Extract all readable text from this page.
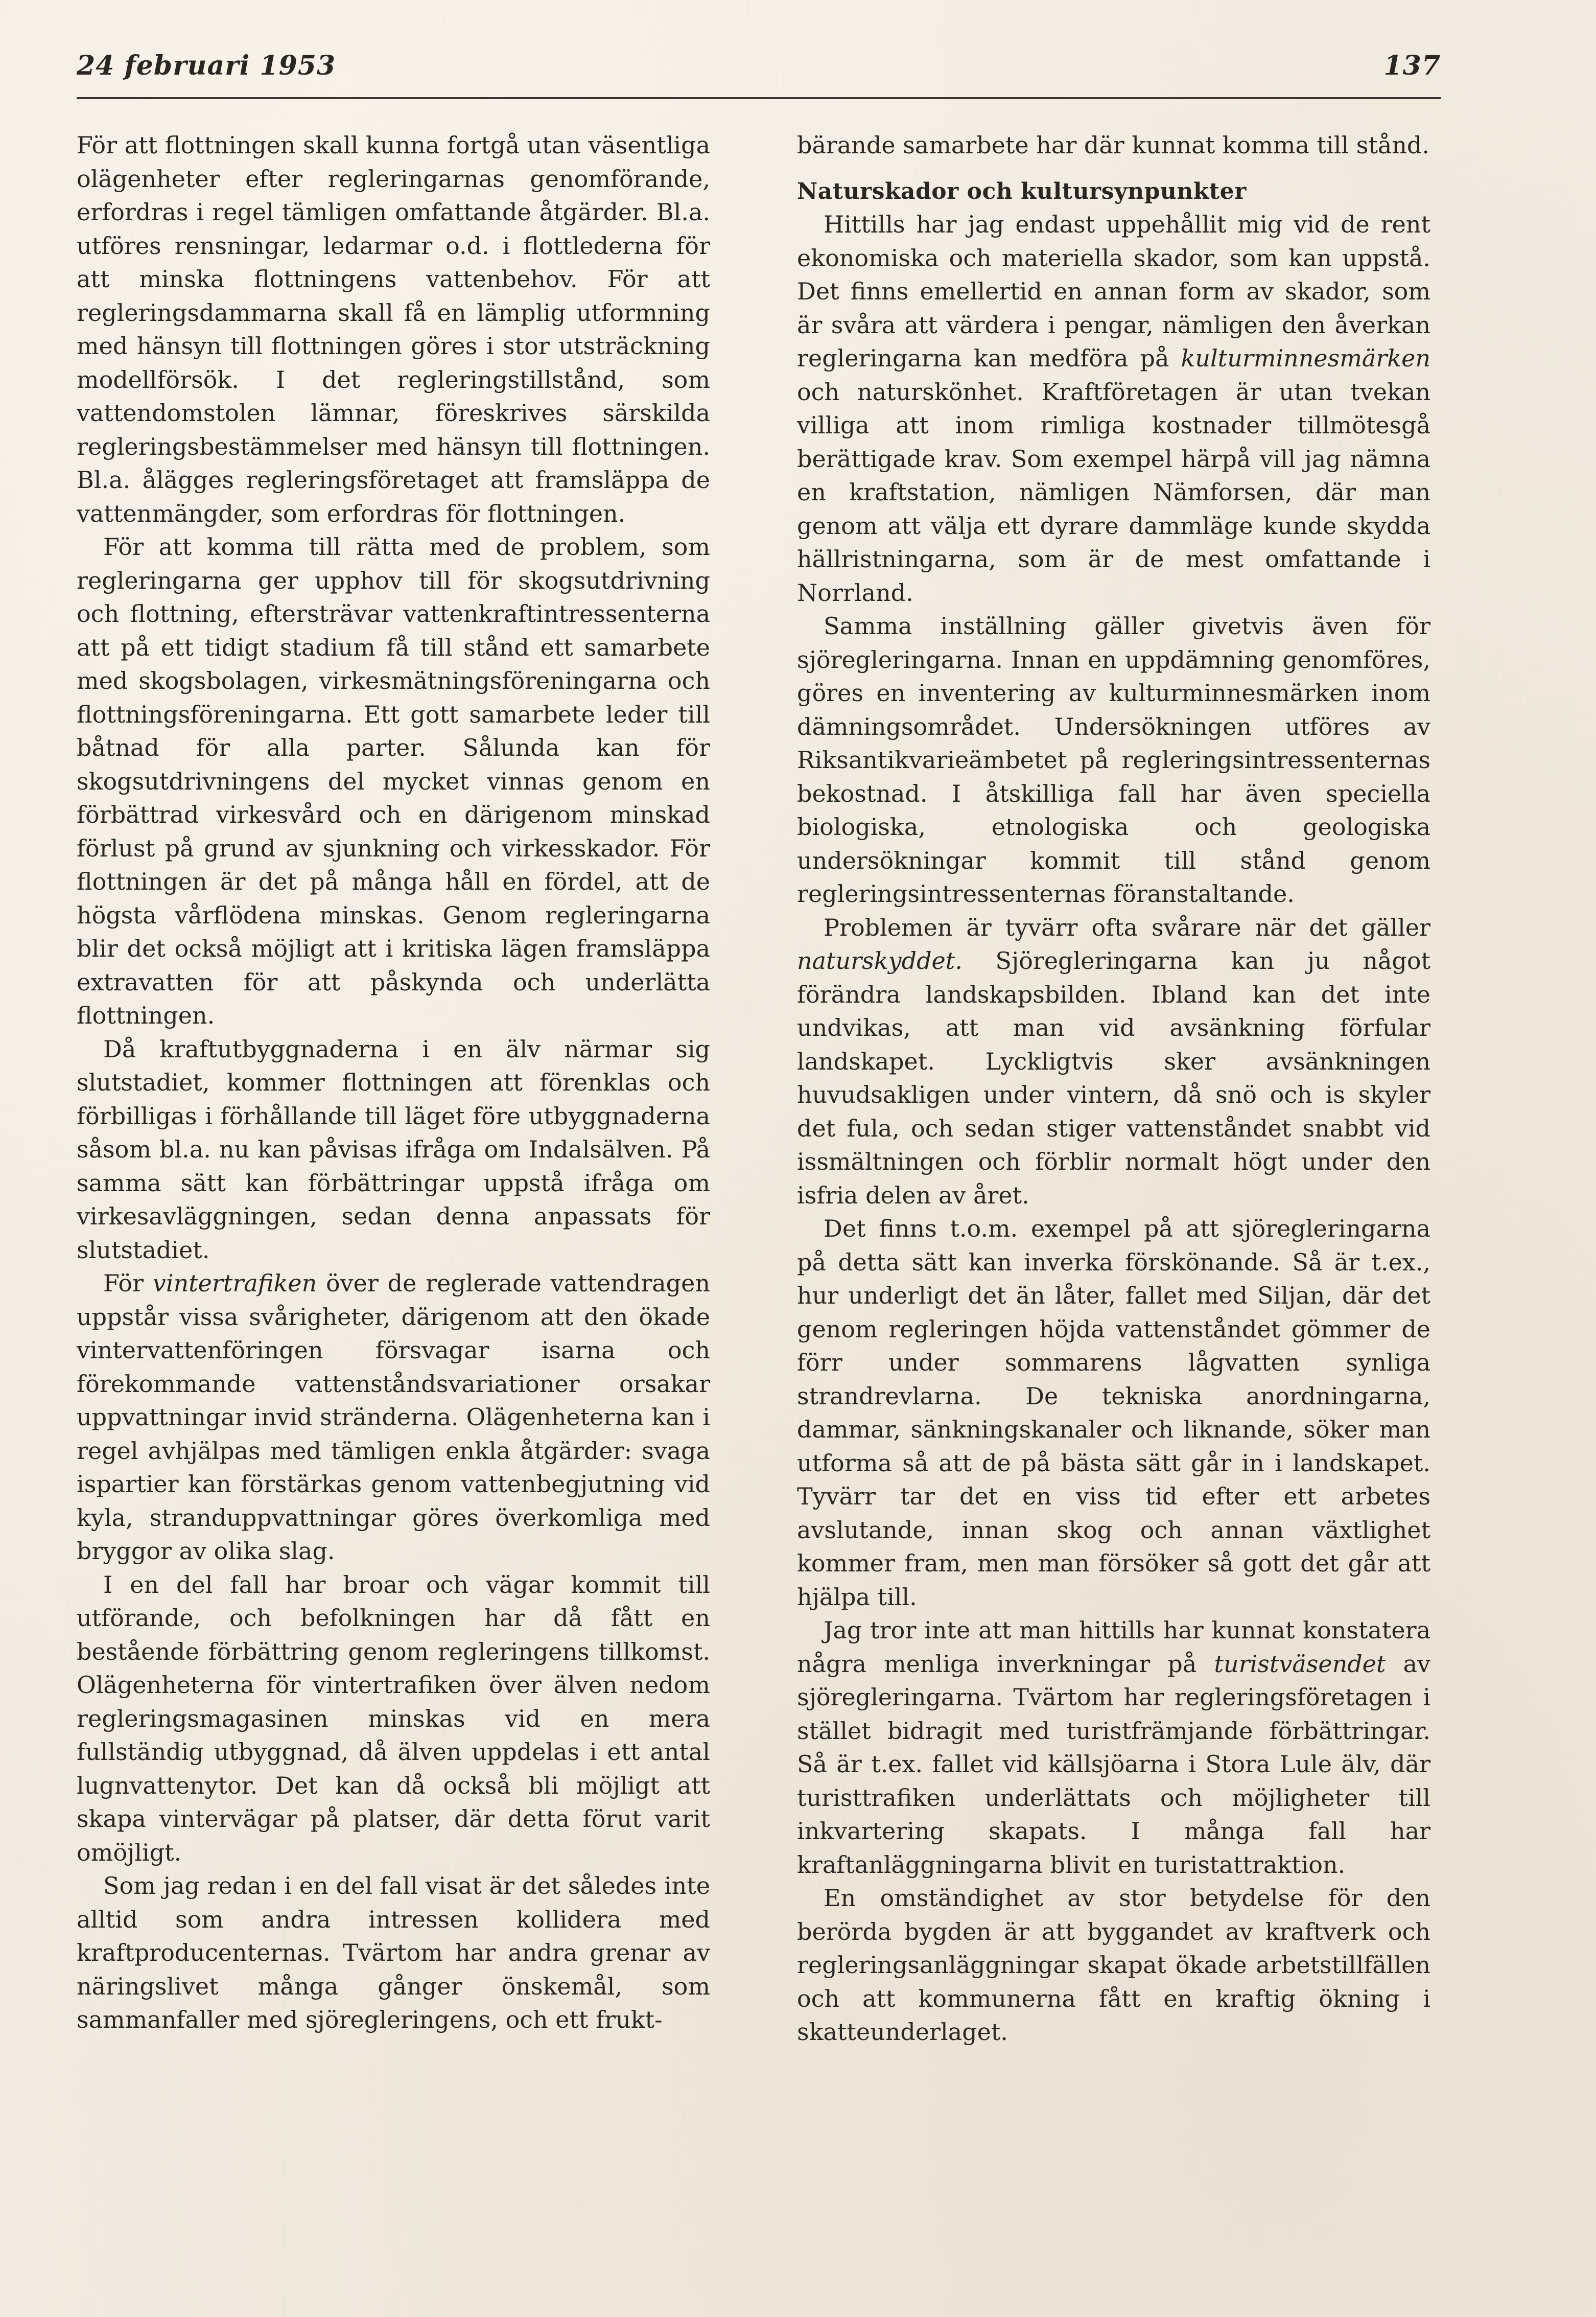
24 februari 1953	137

För att flottningen skall kunna fortgå utan väsentliga olägenheter efter regleringarnas genomförande, erfordras i regel tämligen omfattande åtgärder. Bl.a. utföres rensningar, ledarmar o.d. i flottlederna för att minska flottningens vattenbehov. För att regleringsdammarna skall få en lämplig utformning med hänsyn till flottningen göres i stor utsträckning modellförsök. I det regleringstillstånd, som vattendomstolen lämnar, föreskrives särskilda regleringsbestämmelser med hänsyn till flottningen. Bl.a. ålägges regleringsföretaget att framsläppa de vattenmängder, som erfordras för flottningen.

För att komma till rätta med de problem, som regleringarna ger upphov till för skogsutdrivning och flottning, eftersträvar vattenkraftintressenterna att på ett tidigt stadium få till stånd ett samarbete med skogsbolagen, virkesmätningsföreningarna och flottningsföreningarna. Ett gott samarbete leder till båtnad för alla parter. Sålunda kan för skogsutdrivningens del mycket vinnas genom en förbättrad virkesvård och en därigenom minskad förlust på grund av sjunkning och virkesskador. För flottningen är det på många håll en fördel, att de högsta vårflödena minskas. Genom regleringarna blir det också möjligt att i kritiska lägen framsläppa extravatten för att påskynda och underlätta flottningen.

Då kraftutbyggnaderna i en älv närmar sig slutstadiet, kommer flottningen att förenklas och förbilligas i förhållande till läget före utbyggnaderna såsom bl.a. nu kan påvisas ifråga om Indalsälven. På samma sätt kan förbättringar uppstå ifråga om virkesavläggningen, sedan denna anpassats för slutstadiet.

För vintertrafiken över de reglerade vattendragen uppstår vissa svårigheter, därigenom att den ökade vintervattenföringen försvagar isarna och förekommande vattenståndsvariationer orsakar uppvattningar invid stränderna. Olägenheterna kan i regel avhjälpas med tämligen enkla åtgärder: svaga ispartier kan förstärkas genom vattenbegjutning vid kyla, stranduppvattningar göres överkomliga med bryggor av olika slag.

I en del fall har broar och vägar kommit till utförande, och befolkningen har då fått en bestående förbättring genom regleringens tillkomst. Olägenheterna för vintertrafiken över älven nedom regleringsmagasinen minskas vid en mera fullständig utbyggnad, då älven uppdelas i ett antal lugnvattenytor. Det kan då också bli möjligt att skapa vintervägar på platser, där detta förut varit omöjligt.

Som jag redan i en del fall visat är det således inte alltid som andra intressen kollidera med kraftproducenternas. Tvärtom har andra grenar av näringslivet många gånger önskemål, som sammanfaller med sjöregleringens, och ett frukt-

bärande samarbete har där kunnat komma till stånd.

Naturskador och kultursynpunkter

Hittills har jag endast uppehållit mig vid de rent ekonomiska och materiella skador, som kan uppstå. Det finns emellertid en annan form av skador, som är svåra att värdera i pengar, nämligen den åverkan regleringarna kan medföra på kulturminnesmärken och naturskönhet. Kraftföretagen är utan tvekan villiga att inom rimliga kostnader tillmötesgå berättigade krav. Som exempel härpå vill jag nämna en kraftstation, nämligen Nämforsen, där man genom att välja ett dyrare dammläge kunde skydda hällristningarna, som är de mest omfattande i Norrland.

Samma inställning gäller givetvis även för sjöregleringarna. Innan en uppdämning genomföres, göres en inventering av kulturminnesmärken inom dämningsområdet. Undersökningen utföres av Riksantikvarieämbetet på regleringsintressenternas bekostnad. I åtskilliga fall har även speciella biologiska, etnologiska och geologiska undersökningar kommit till stånd genom regleringsintressenternas föranstaltande.

Problemen är tyvärr ofta svårare när det gäller naturskyddet. Sjöregleringarna kan ju något förändra landskapsbilden. Ibland kan det inte undvikas, att man vid avsänkning förfular landskapet. Lyckligtvis sker avsänkningen huvudsakligen under vintern, då snö och is skyler det fula, och sedan stiger vattenståndet snabbt vid issmältningen och förblir normalt högt under den isfria delen av året.

Det finns t.o.m. exempel på att sjöregleringarna på detta sätt kan inverka förskönande. Så är t.ex., hur underligt det än låter, fallet med Siljan, där det genom regleringen höjda vattenståndet gömmer de förr under sommarens lågvatten synliga strandrevlarna. De tekniska anordningarna, dammar, sänkningskanaler och liknande, söker man utforma så att de på bästa sätt går in i landskapet. Tyvärr tar det en viss tid efter ett arbetes avslutande, innan skog och annan växtlighet kommer fram, men man försöker så gott det går att hjälpa till.

Jag tror inte att man hittills har kunnat konstatera några menliga inverkningar på turistväsendet av sjöregleringarna. Tvärtom har regleringsföretagen i stället bidragit med turistfrämjande förbättringar. Så är t.ex. fallet vid källsjöarna i Stora Lule älv, där turisttrafiken underlättats och möjligheter till inkvartering skapats. I många fall har kraftanläggningarna blivit en turistattraktion.

En omständighet av stor betydelse för den berörda bygden är att byggandet av kraftverk och regleringsanläggningar skapat ökade arbetstillfällen och att kommunerna fått en kraftig ökning i skatteunderlaget.
